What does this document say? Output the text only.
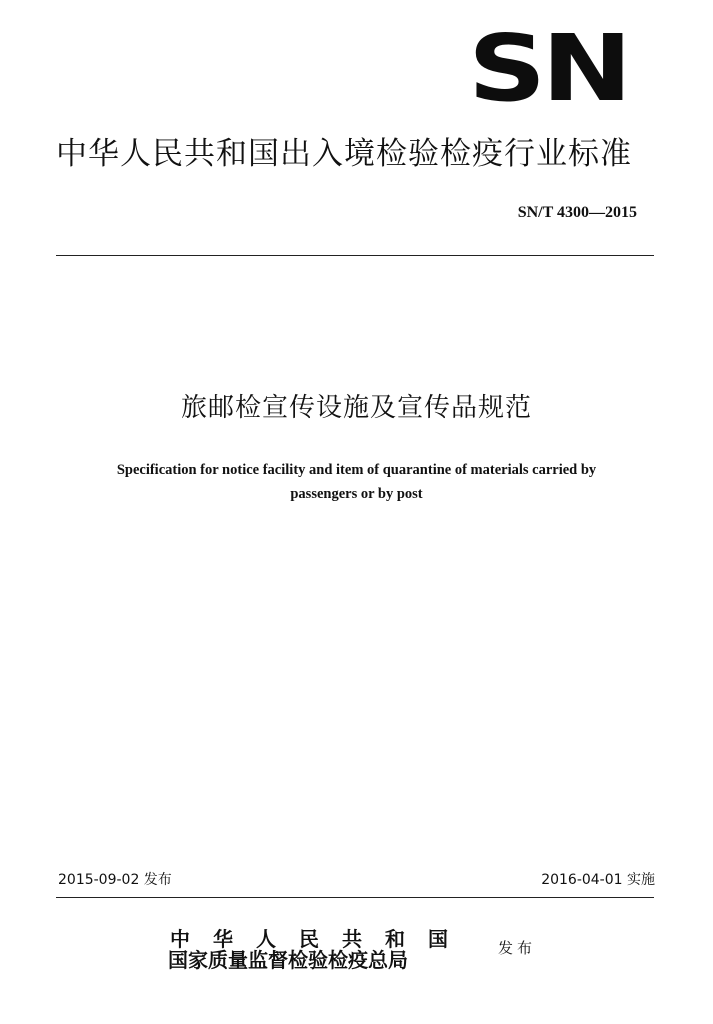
SN
中华人民共和国出入境检验检疫行业标准
SN/T 4300—2015
旅邮检宣传设施及宣传品规范
Specification for notice facility and item of quarantine of materials carried by
passengers or by post
2015-09-02 发布	2016-04-01 实施
中华人民共和国
国家质量监督检验检疫总局	发布
